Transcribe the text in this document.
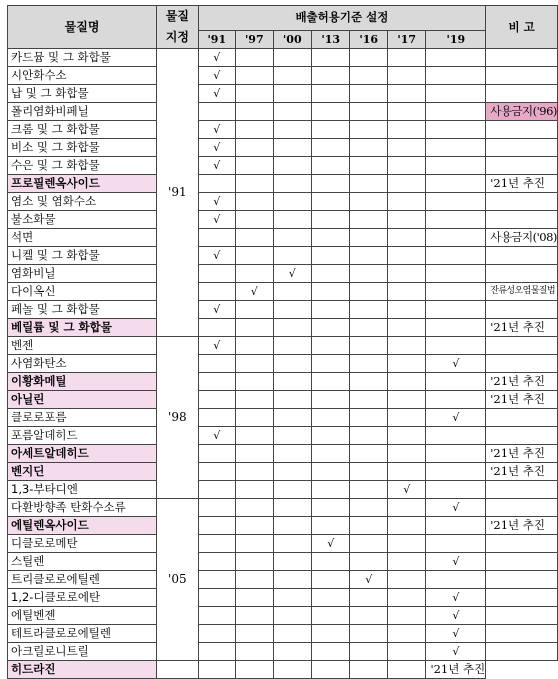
물질명	물질
지정	배출허용기준 설정							비 고
		'91	'97	'00	'13	'16	'17	'19	
카드뮴 및 그 화합물	'91	√							
시안화수소		√							
납 및 그 화합물		√							
폴리염화비페닐									사용금지('96)
크롬 및 그 화합물		√							
비소 및 그 화합물		√							
수은 및 그 화합물		√							
프로필렌옥사이드									'21년 추진
염소 및 염화수소		√							
불소화물		√							
석면									사용금지('08)
니켈 및 그 화합물		√							
염화비닐				√					
다이옥신			√						잔류성오염물질법
페놀 및 그 화합물		√							
베릴륨 및 그 화합물									'21년 추진
벤젠	'98	√							
사염화탄소								√	
이황화메틸									'21년 추진
아닐린									'21년 추진
클로로포름								√	
포름알데히드		√							
아세트알데히드									'21년 추진
벤지딘									'21년 추진
1,3-부타디엔							√		
다환방향족 탄화수소류	'05							√	
에틸렌옥사이드									'21년 추진
디클로로메탄					√				
스틸렌								√	
트리클로로에틸렌						√			
1,2-디클로로에탄								√	
에틸벤젠								√	
테트라클로로에틸렌								√	
아크릴로니트릴								√	
히드라진								'21년 추진	
